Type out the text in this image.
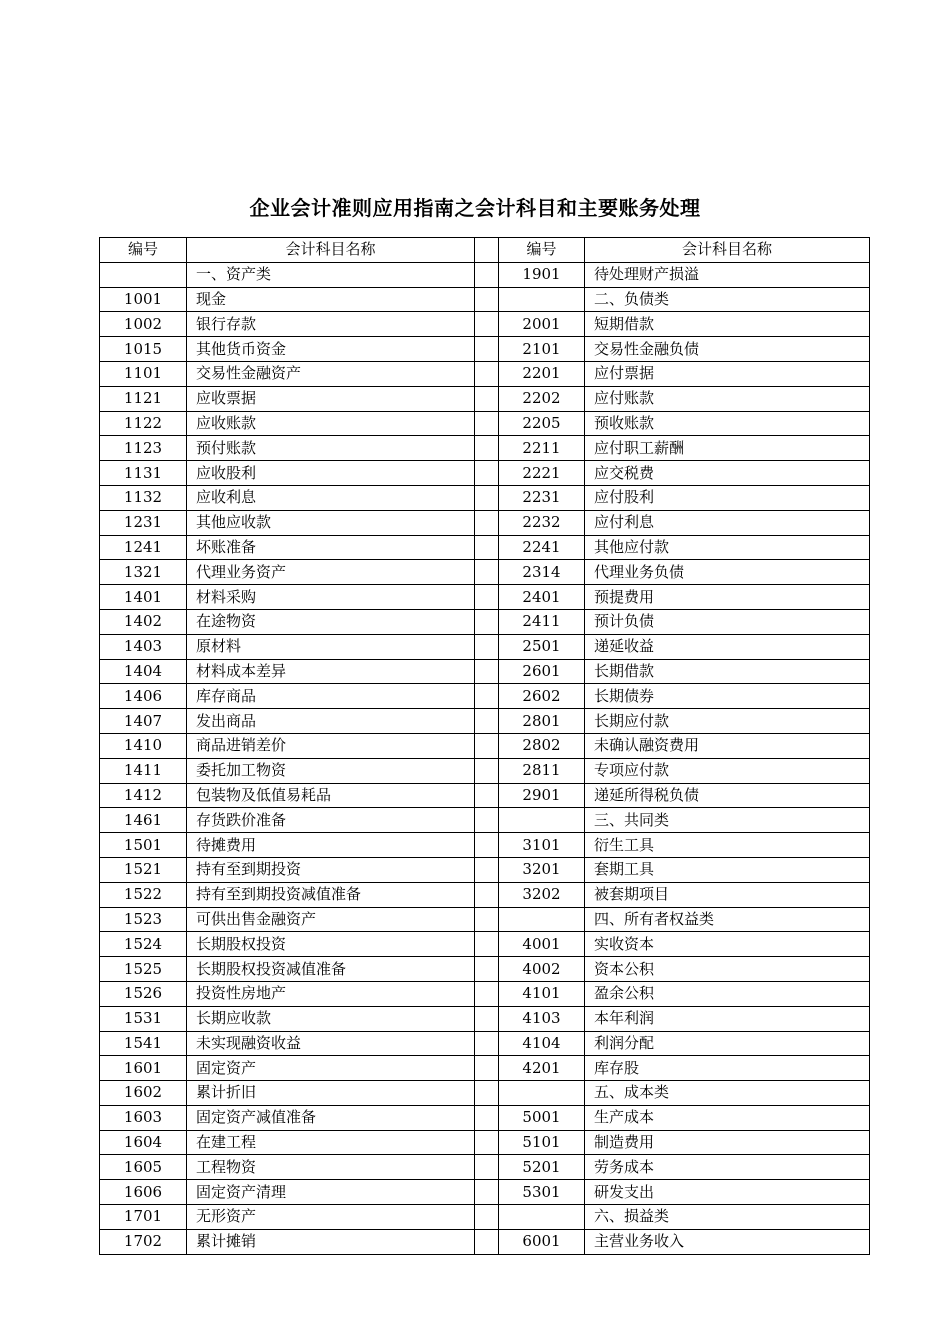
企业会计准则应用指南之会计科目和主要账务处理
编号	会计科目名称		编号	会计科目名称
	一、资产类		1901	待处理财产损溢
1001	现金			二、负债类
1002	银行存款		2001	短期借款
1015	其他货币资金		2101	交易性金融负债
1101	交易性金融资产		2201	应付票据
1121	应收票据		2202	应付账款
1122	应收账款		2205	预收账款
1123	预付账款		2211	应付职工薪酬
1131	应收股利		2221	应交税费
1132	应收利息		2231	应付股利
1231	其他应收款		2232	应付利息
1241	坏账准备		2241	其他应付款
1321	代理业务资产		2314	代理业务负债
1401	材料采购		2401	预提费用
1402	在途物资		2411	预计负债
1403	原材料		2501	递延收益
1404	材料成本差异		2601	长期借款
1406	库存商品		2602	长期债券
1407	发出商品		2801	长期应付款
1410	商品进销差价		2802	未确认融资费用
1411	委托加工物资		2811	专项应付款
1412	包装物及低值易耗品		2901	递延所得税负债
1461	存货跌价准备			三、共同类
1501	待摊费用		3101	衍生工具
1521	持有至到期投资		3201	套期工具
1522	持有至到期投资减值准备		3202	被套期项目
1523	可供出售金融资产			四、所有者权益类
1524	长期股权投资		4001	实收资本
1525	长期股权投资减值准备		4002	资本公积
1526	投资性房地产		4101	盈余公积
1531	长期应收款		4103	本年利润
1541	未实现融资收益		4104	利润分配
1601	固定资产		4201	库存股
1602	累计折旧			五、成本类
1603	固定资产减值准备		5001	生产成本
1604	在建工程		5101	制造费用
1605	工程物资		5201	劳务成本
1606	固定资产清理		5301	研发支出
1701	无形资产			六、损益类
1702	累计摊销		6001	主营业务收入
